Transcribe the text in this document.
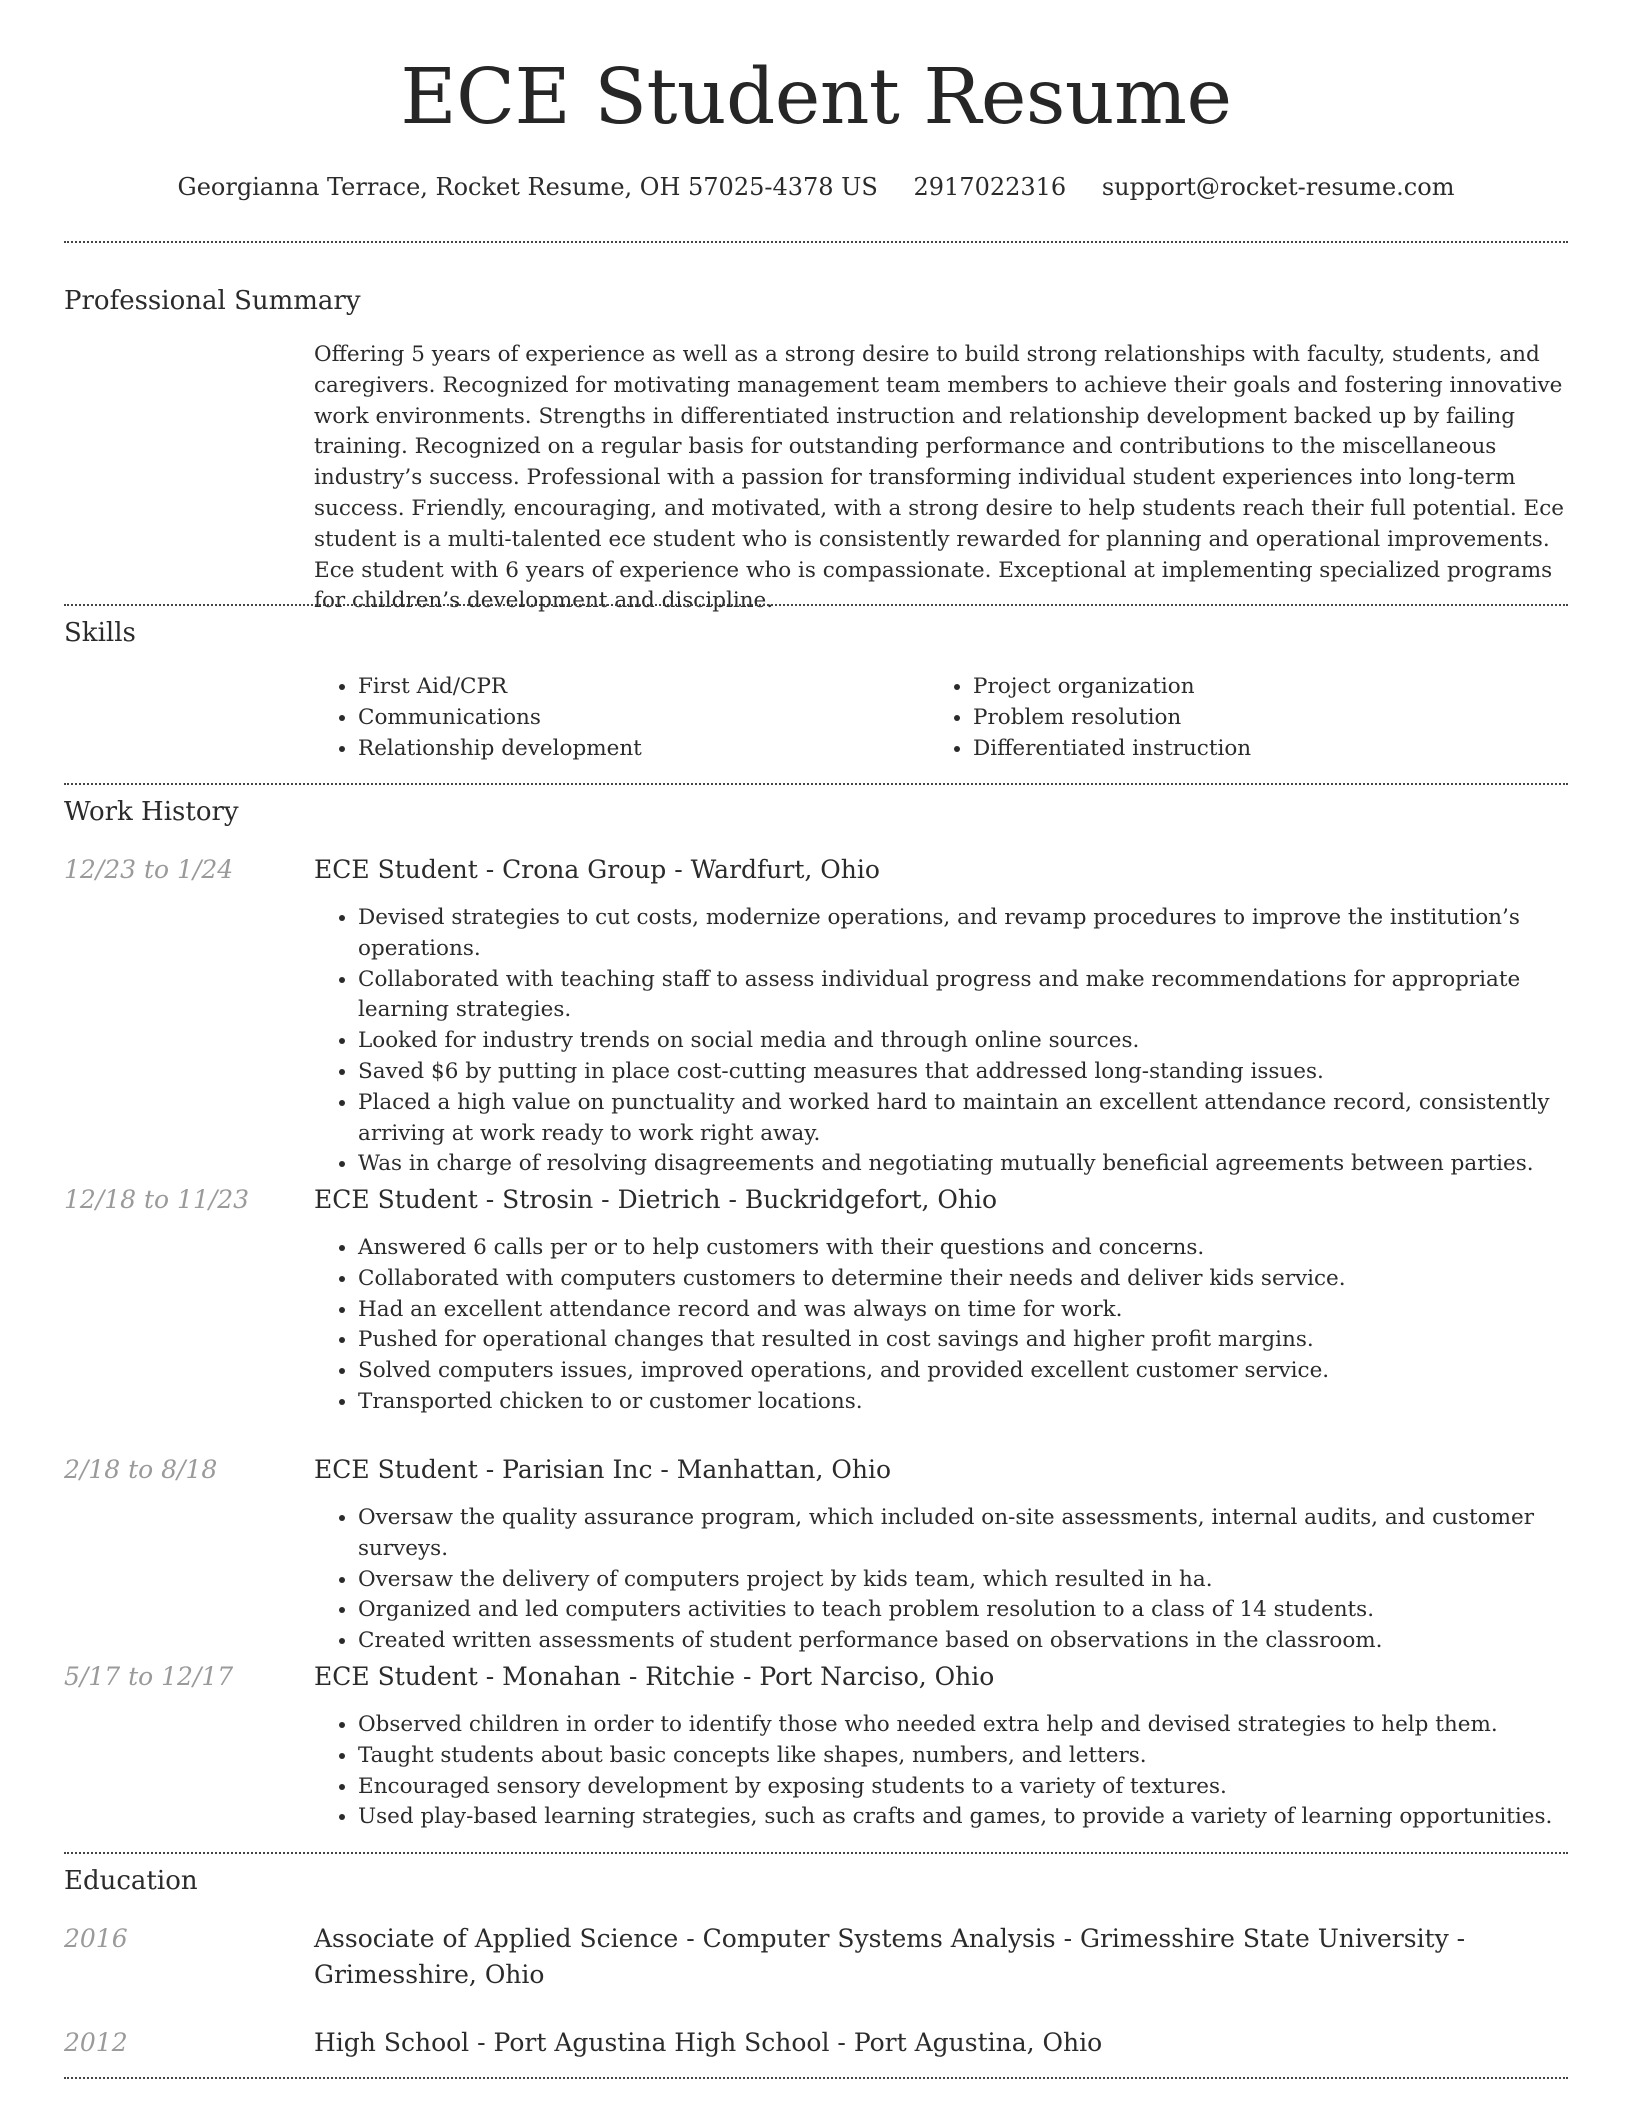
ECE Student Resume
Georgianna Terrace, Rocket Resume, OH 57025-4378 US 2917022316 support@rocket-resume.com
Professional Summary

Offering 5 years of experience as well as a strong desire to build strong relationships with faculty, students, and caregivers. Recognized for motivating management team members to achieve their goals and fostering innovative work environments. Strengths in differentiated instruction and relationship development backed up by failing training. Recognized on a regular basis for outstanding performance and contributions to the miscellaneous industry’s success. Professional with a passion for transforming individual student experiences into long-term success. Friendly, encouraging, and motivated, with a strong desire to help students reach their full potential. Ece student is a multi-talented ece student who is consistently rewarded for planning and operational improvements. Ece student with 6 years of experience who is compassionate. Exceptional at implementing specialized programs for children’s development and discipline.

Skills
• First Aid/CPR
• Communications
• Relationship development
• Project organization
• Problem resolution
• Differentiated instruction
Work History
12/23 to 1/24	ECE Student - Crona Group - Wardfurt, Ohio
• Devised strategies to cut costs, modernize operations, and revamp procedures to improve the institution’s operations.
• Collaborated with teaching staff to assess individual progress and make recommendations for appropriate learning strategies.
• Looked for industry trends on social media and through online sources.
• Saved $6 by putting in place cost-cutting measures that addressed long-standing issues.
• Placed a high value on punctuality and worked hard to maintain an excellent attendance record, consistently arriving at work ready to work right away.
• Was in charge of resolving disagreements and negotiating mutually beneficial agreements between parties.
12/18 to 11/23	ECE Student - Strosin - Dietrich - Buckridgefort, Ohio
• Answered 6 calls per or to help customers with their questions and concerns.
• Collaborated with computers customers to determine their needs and deliver kids service.
• Had an excellent attendance record and was always on time for work.
• Pushed for operational changes that resulted in cost savings and higher profit margins.
• Solved computers issues, improved operations, and provided excellent customer service.
• Transported chicken to or customer locations.
2/18 to 8/18	ECE Student - Parisian Inc - Manhattan, Ohio
• Oversaw the quality assurance program, which included on-site assessments, internal audits, and customer surveys.
• Oversaw the delivery of computers project by kids team, which resulted in ha.
• Organized and led computers activities to teach problem resolution to a class of 14 students.
• Created written assessments of student performance based on observations in the classroom.
5/17 to 12/17	ECE Student - Monahan - Ritchie - Port Narciso, Ohio
• Observed children in order to identify those who needed extra help and devised strategies to help them.
• Taught students about basic concepts like shapes, numbers, and letters.
• Encouraged sensory development by exposing students to a variety of textures.
• Used play-based learning strategies, such as crafts and games, to provide a variety of learning opportunities.
Education
2016	Associate of Applied Science - Computer Systems Analysis - Grimesshire State University - Grimesshire, Ohio
2012	High School - Port Agustina High School - Port Agustina, Ohio
